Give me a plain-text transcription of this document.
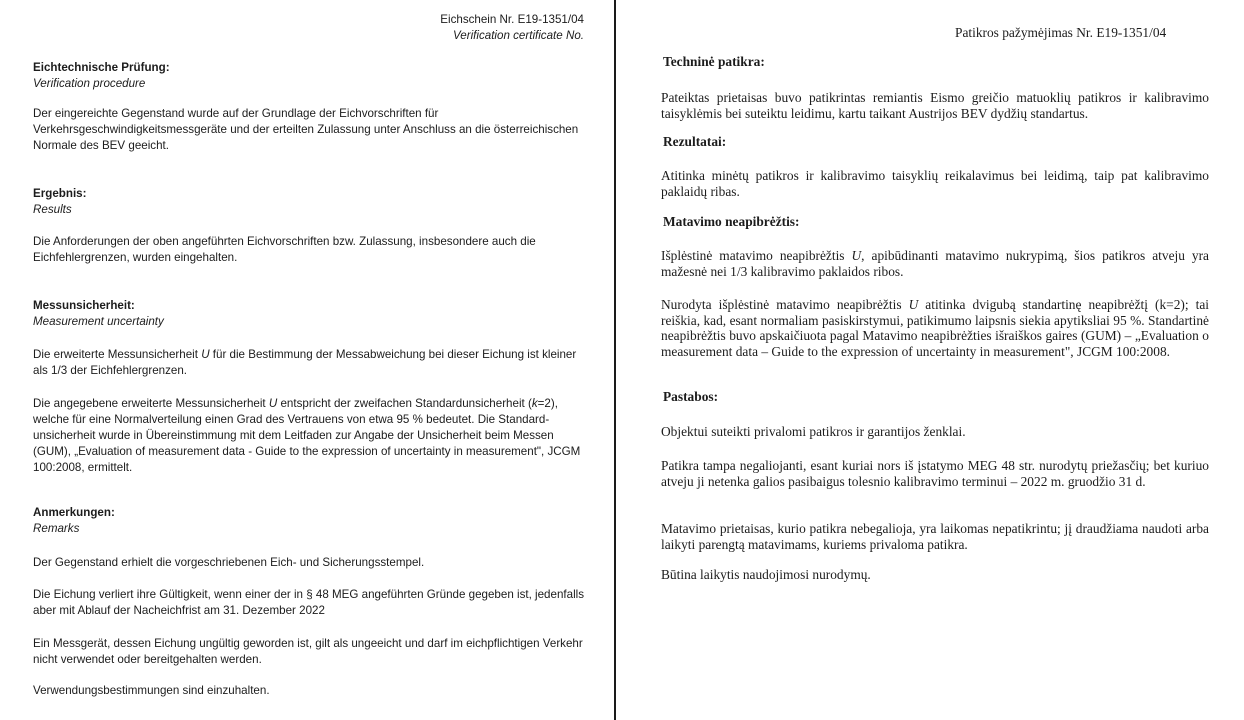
Eichschein Nr. E19-1351/04

Verification certificate No.

Eichtechnische Prüfung:

Verification procedure

Der eingereichte Gegenstand wurde auf der Grundlage der Eichvorschriften für Verkehrsgeschwindigkeitsmessgeräte und der erteilten Zulassung unter Anschluss an die österreichischen Normale des BEV geeicht.

Ergebnis:

Results

Die Anforderungen der oben angeführten Eichvorschriften bzw. Zulassung, insbesondere auch die Eichfehlergrenzen, wurden eingehalten.

Messunsicherheit:

Measurement uncertainty

Die erweiterte Messunsicherheit U für die Bestimmung der Messabweichung bei dieser Eichung ist kleiner als 1/3 der Eichfehlergrenzen.

Die angegebene erweiterte Messunsicherheit U entspricht der zweifachen Standardunsicherheit (k=2), welche für eine Normalverteilung einen Grad des Vertrauens von etwa 95 % bedeutet. Die Standard-unsicherheit wurde in Übereinstimmung mit dem Leitfaden zur Angabe der Unsicherheit beim Messen (GUM), „Evaluation of measurement data - Guide to the expression of uncertainty in measurement", JCGM 100:2008, ermittelt.

Anmerkungen:

Remarks

Der Gegenstand erhielt die vorgeschriebenen Eich- und Sicherungsstempel.

Die Eichung verliert ihre Gültigkeit, wenn einer der in § 48 MEG angeführten Gründe gegeben ist, jedenfalls aber mit Ablauf der Nacheichfrist am 31. Dezember 2022

Ein Messgerät, dessen Eichung ungültig geworden ist, gilt als ungeeicht und darf im eichpflichtigen Verkehr nicht verwendet oder bereitgehalten werden.

Verwendungsbestimmungen sind einzuhalten.

Patikros pažymėjimas Nr. E19-1351/04

Techninė patikra:

Pateiktas prietaisas buvo patikrintas remiantis Eismo greičio matuoklių patikros ir kalibravimo taisyklėmis bei suteiktu leidimu, kartu taikant Austrijos BEV dydžių standartus.

Rezultatai:

Atitinka minėtų patikros ir kalibravimo taisyklių reikalavimus bei leidimą, taip pat kalibravimo paklaidų ribas.

Matavimo neapibrėžtis:

Išplėstinė matavimo neapibrėžtis U, apibūdinanti matavimo nukrypimą, šios patikros atveju yra mažesnė nei 1/3 kalibravimo paklaidos ribos.

Nurodyta išplėstinė matavimo neapibrėžtis U atitinka dvigubą standartinę neapibrėžtį (k=2); tai reiškia, kad, esant normaliam pasiskirstymui, patikimumo laipsnis siekia apytiksliai 95 %. Standartinė neapibrėžtis buvo apskaičiuota pagal Matavimo neapibrėžties išraiškos gaires (GUM) – „Evaluation o measurement data – Guide to the expression of uncertainty in measurement", JCGM 100:2008.

Pastabos:

Objektui suteikti privalomi patikros ir garantijos ženklai.

Patikra tampa negaliojanti, esant kuriai nors iš įstatymo MEG 48 str. nurodytų priežasčių; bet kuriuo atveju ji netenka galios pasibaigus tolesnio kalibravimo terminui – 2022 m. gruodžio 31 d.

Matavimo prietaisas, kurio patikra nebegalioja, yra laikomas nepatikrintu; jį draudžiama naudoti arba laikyti parengtą matavimams, kuriems privaloma patikra.

Būtina laikytis naudojimosi nurodymų.
